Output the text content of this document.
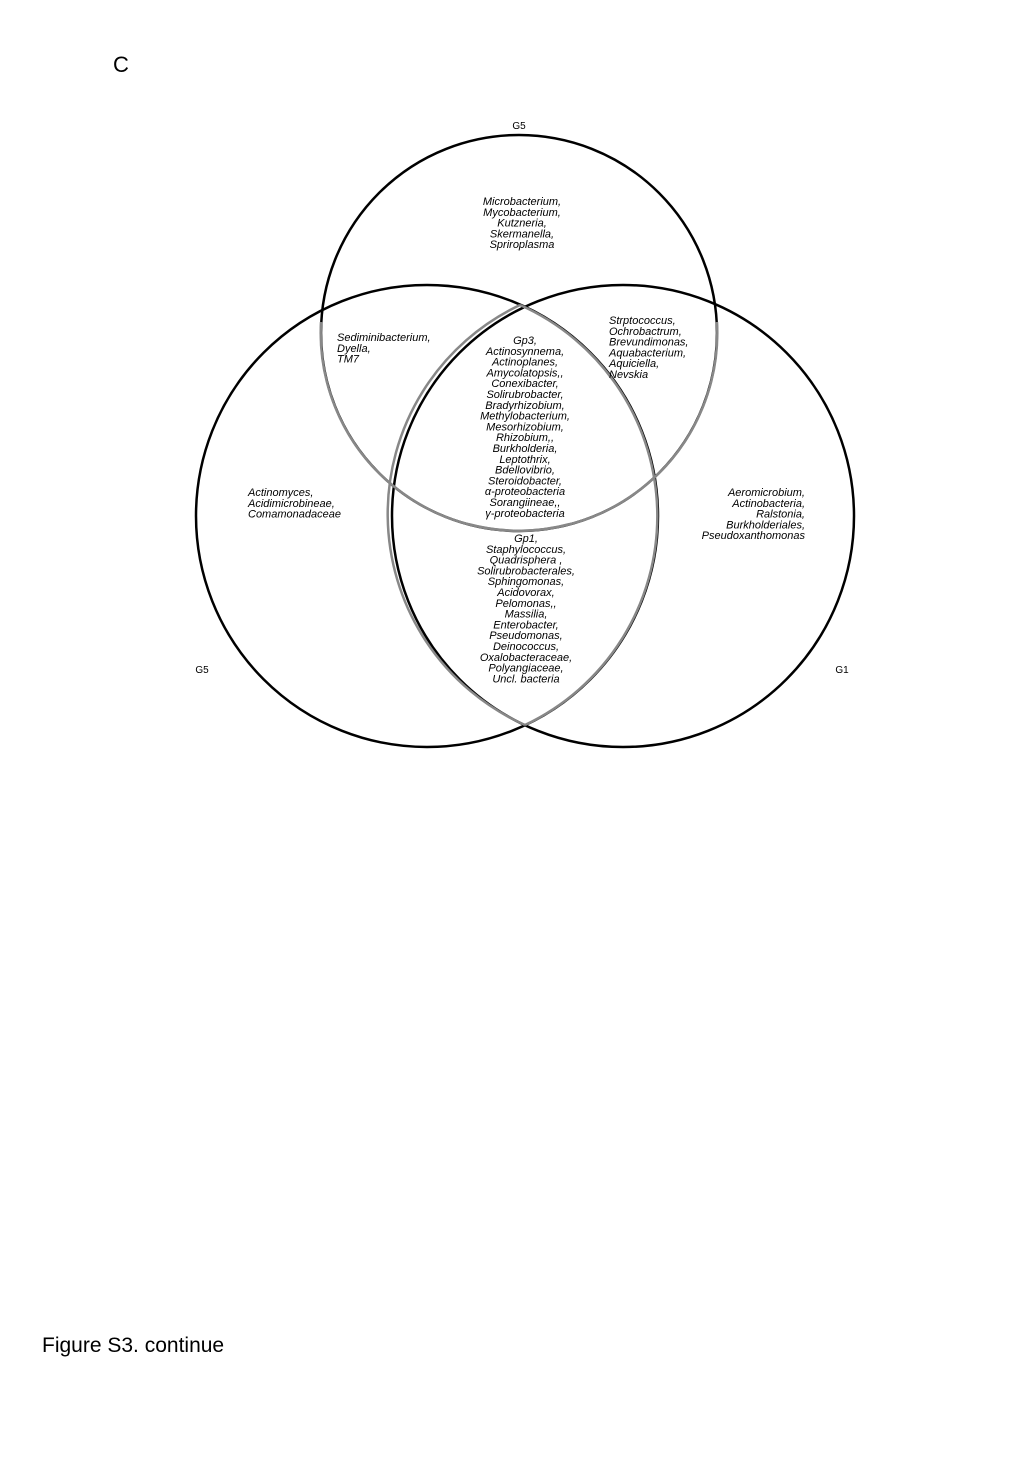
C
G5
G5	G1
Microbacterium,
Mycobacterium,
Kutzneria,
Skermanella,
Spriroplasma
Sediminibacterium,
Dyella,
TM7
Strptococcus,
Ochrobactrum,
Brevundimonas,
Aquabacterium,
Aquiciella,
Nevskia
Gp3,
Actinosynnema,
Actinoplanes,
Amycolatopsis,,
Conexibacter,
Solirubrobacter,
Bradyrhizobium,
Methylobacterium,
Mesorhizobium,
Rhizobium,,
Burkholderia,
Leptothrix,
Bdellovibrio,
Steroidobacter,
α-proteobacteria
Sorangiineae,,
γ-proteobacteria
Actinomyces,
Acidimicrobineae,
Comamonadaceae
Aeromicrobium,
Actinobacteria,
Ralstonia,
Burkholderiales,
Pseudoxanthomonas
Gp1,
Staphylococcus,
Quadrisphera ,
Solirubrobacterales,
Sphingomonas,
Acidovorax,
Pelomonas,,
Massilia,
Enterobacter,
Pseudomonas,
Deinococcus,
Oxalobacteraceae,
Polyangiaceae,
Uncl. bacteria
Figure S3. continue
